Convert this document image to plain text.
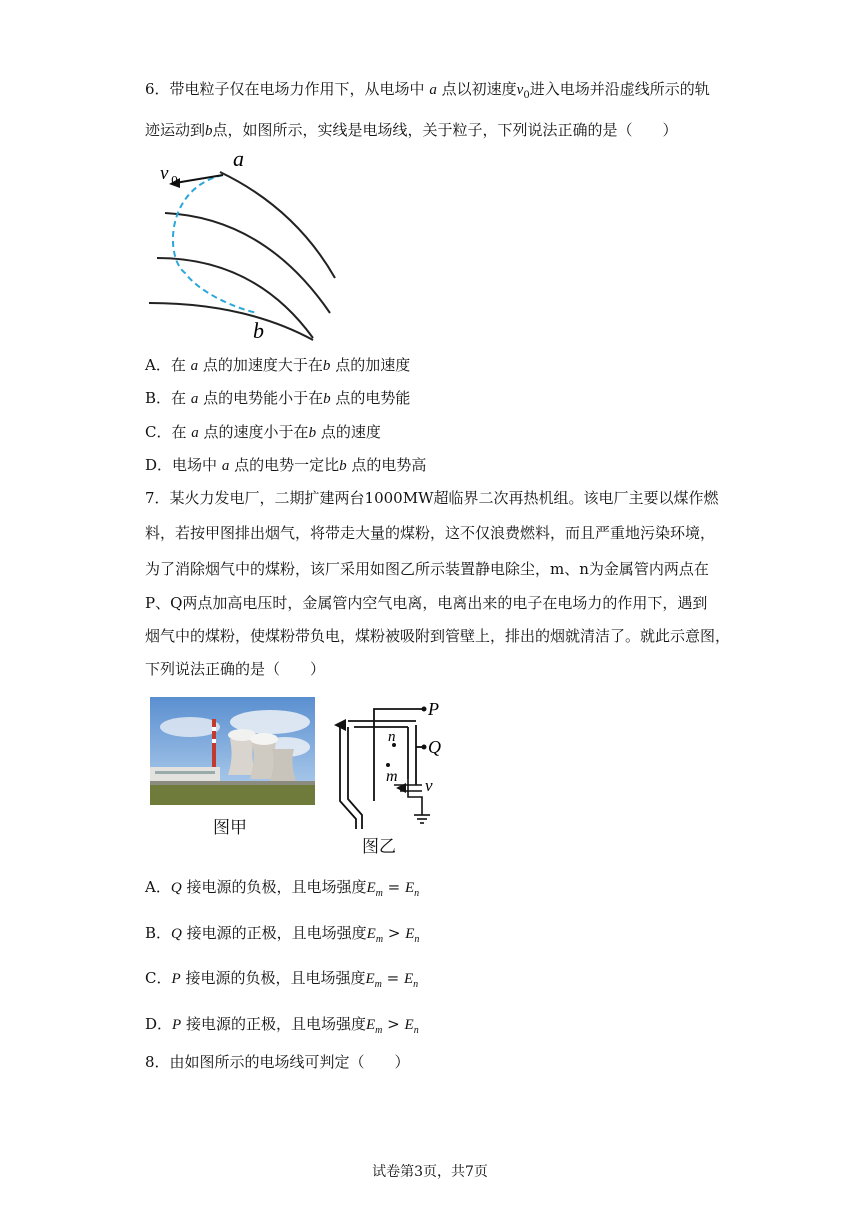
6．带电粒子仅在电场力作用下，从电场中 a 点以初速度$v_0$进入电场并沿虚线所示的轨
迹运动到b点，如图所示，实线是电场线，关于粒子，下列说法正确的是（　　）
a
v 0
b
A．在 a 点的加速度大于在b 点的加速度
B．在 a 点的电势能小于在b 点的电势能
C．在 a 点的速度小于在b 点的速度
D．电场中 a 点的电势一定比b 点的电势高
7．某火力发电厂，二期扩建两台1000MW超临界二次再热机组。该电厂主要以煤作燃
料，若按甲图排出烟气，将带走大量的煤粉，这不仅浪费燃料，而且严重地污染环境，
为了消除烟气中的煤粉，该厂采用如图乙所示装置静电除尘，m、n为金属管内两点在
P、Q两点加高电压时，金属管内空气电离，电离出来的电子在电场力的作用下，遇到
烟气中的煤粉，使煤粉带负电，煤粉被吸附到管壁上，排出的烟就清洁了。就此示意图，
下列说法正确的是（　　）
图甲
n
m
P
Q
v
图乙
A．Q 接电源的负极，且电场强度$E_m = E_n$
B．Q 接电源的正极，且电场强度$E_m > E_n$
C．P 接电源的负极，且电场强度$E_m = E_n$
D．P 接电源的正极，且电场强度$E_m > E_n$
8．由如图所示的电场线可判定（　　）
试卷第3页，共7页
